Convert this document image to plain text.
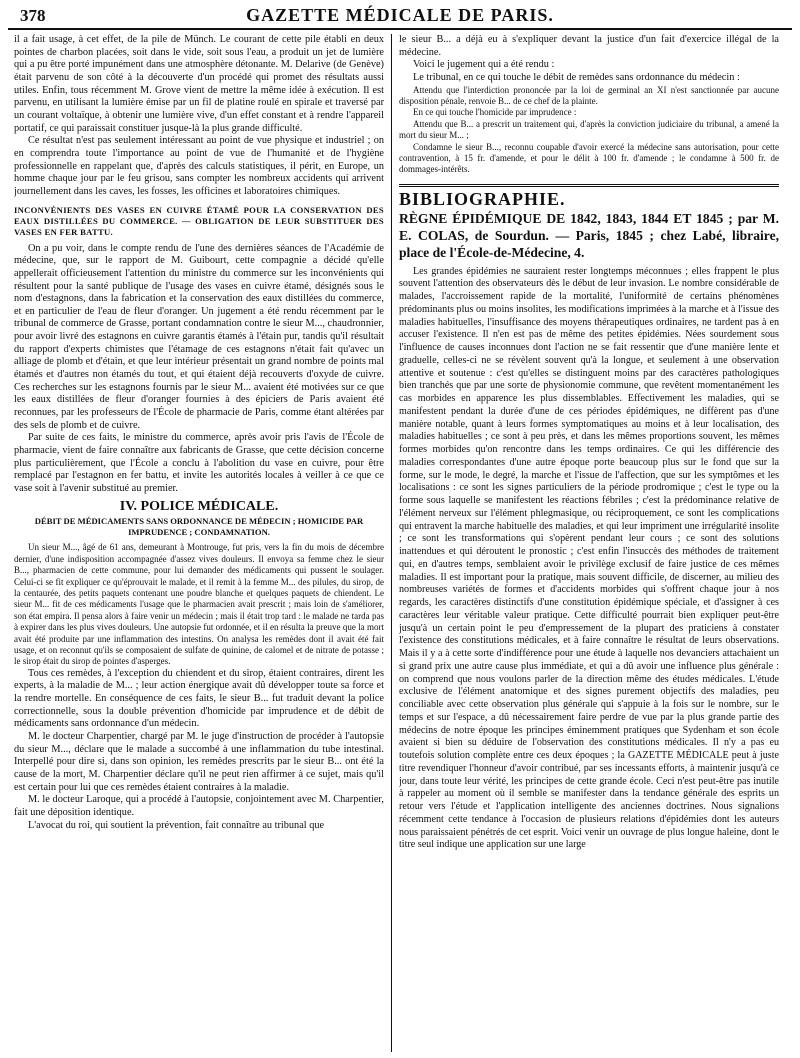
378	GAZETTE MÉDICALE DE PARIS.

il a fait usage, à cet effet, de la pile de Münch. Le courant de cette pile établi en deux pointes de charbon placées, soit dans le vide, soit sous l'eau, a produit un jet de lumière qui a pu être porté impunément dans une atmosphère détonante. M. Delarive (de Genève) était parvenu de son côté à la découverte d'un procédé qui promet des résultats aussi utiles. Enfin, tous récemment M. Grove vient de mettre la même idée à exécution. Il est parvenu, en utilisant la lumière émise par un fil de platine roulé en spirale et traversé par un courant voltaïque, à obtenir une lumière vive, d'un effet constant et à rendre l'appareil portatif, ce qui paraissait constituer jusque-là la plus grande difficulté.

Ce résultat n'est pas seulement intéressant au point de vue physique et industriel ; on en comprendra toute l'importance au point de vue de l'humanité et de l'hygiène professionnelle en rappelant que, d'après des calculs statistiques, il périt, en Europe, un homme chaque jour par le feu grisou, sans compter les nombreux accidents qui arrivent journellement dans les caves, les fosses, les officines et laboratoires chimiques.

INCONVÉNIENTS DES VASES EN CUIVRE ÉTAMÉ POUR LA CONSERVATION DES EAUX DISTILLÉES DU COMMERCE. — OBLIGATION DE LEUR SUBSTITUER DES VASES EN FER BATTU.

On a pu voir, dans le compte rendu de l'une des dernières séances de l'Académie de médecine, que, sur le rapport de M. Guibourt, cette compagnie a décidé qu'elle appellerait officieusement l'attention du ministre du commerce sur les inconvénients qui résultent pour la santé publique de l'usage des vases en cuivre étamé, désignés sous le nom d'estagnons, dans la fabrication et la conservation des eaux distillées du commerce, et en particulier de l'eau de fleur d'oranger. Un jugement a été rendu récemment par le tribunal de commerce de Grasse, portant condamnation contre le sieur M..., chaudronnier, pour avoir livré des estagnons en cuivre garantis étamés à l'étain pur, tandis qu'il résultait du rapport d'experts chimistes que l'étamage de ces estagnons n'était fait qu'avec un alliage de plomb et d'étain, et que leur intérieur présentait un grand nombre de points mal étamés et d'autres non étamés du tout, et qui étaient déjà recouverts d'oxyde de cuivre. Ces recherches sur les estagnons fournis par le sieur M... avaient été motivées sur ce que les eaux distillées de fleur d'oranger fournies à des épiciers de Paris avaient été reconnues, par les professeurs de l'École de pharmacie de Paris, comme étant altérées par des sels de plomb et de cuivre.

Par suite de ces faits, le ministre du commerce, après avoir pris l'avis de l'École de pharmacie, vient de faire connaître aux fabricants de Grasse, que cette décision concerne plus particulièrement, que l'École a conclu à l'abolition du vase en cuivre, pour être remplacé par l'estagnon en fer battu, et invite les autorités locales à veiller à ce que ce vase soit à l'avenir substitué au premier.

IV. POLICE MÉDICALE.
DÉBIT DE MÉDICAMENTS SANS ORDONNANCE DE MÉDECIN ; HOMICIDE PAR IMPRUDENCE ; CONDAMNATION.

Un sieur M..., âgé de 61 ans, demeurant à Montrouge, fut pris, vers la fin du mois de décembre dernier, d'une indisposition accompagnée d'assez vives douleurs. Il envoya sa femme chez le sieur B..., pharmacien de cette commune, pour lui demander des médicaments qui pussent le soulager. Celui-ci se fit expliquer ce qu'éprouvait le malade, et il remit à la femme M... des pilules, du sirop, de la centaurée, des petits paquets contenant une poudre blanche et quelques paquets de chiendent. Le sieur M... fit de ces médicaments l'usage que le pharmacien avait prescrit ; mais loin de s'améliorer, son état empira. Il pensa alors à faire venir un médecin ; mais il était trop tard : le malade ne tarda pas à expirer dans les plus vives douleurs. Une autopsie fut ordonnée, et il en résulta la preuve que la mort avait été produite par une inflammation des intestins. On analysa les remèdes dont il avait été fait usage, et on reconnut qu'ils se composaient de sulfate de quinine, de calomel et de nitrate de potasse ; le sirop était du sirop de pointes d'asperges.

Tous ces remèdes, à l'exception du chiendent et du sirop, étaient contraires, dirent les experts, à la maladie de M... ; leur action énergique avait dû développer toute sa force et la rendre mortelle. En conséquence de ces faits, le sieur B... fut traduit devant la police correctionnelle, sous la double prévention d'homicide par imprudence et de débit de médicaments sans ordonnance d'un médecin.

M. le docteur Charpentier, chargé par M. le juge d'instruction de procéder à l'autopsie du sieur M..., déclare que le malade a succombé à une inflammation du tube intestinal. Interpellé pour dire si, dans son opinion, les remèdes prescrits par le sieur B... ont été la cause de la mort, M. Charpentier déclare qu'il ne peut rien affirmer à ce sujet, mais qu'il est certain pour lui que ces remèdes étaient contraires à la maladie.

M. le docteur Laroque, qui a procédé à l'autopsie, conjointement avec M. Charpentier, fait une déposition identique.

L'avocat du roi, qui soutient la prévention, fait connaître au tribunal que

le sieur B... a déjà eu à s'expliquer devant la justice d'un fait d'exercice illégal de la médecine.

Voici le jugement qui a été rendu :

Le tribunal, en ce qui touche le débit de remèdes sans ordonnance du médecin :

Attendu que l'interdiction prononcée par la loi de germinal an XI n'est sanctionnée par aucune disposition pénale, renvoie B... de ce chef de la plainte.

En ce qui touche l'homicide par imprudence :

Attendu que B... a prescrit un traitement qui, d'après la conviction judiciaire du tribunal, a amené la mort du sieur M... ;

Condamne le sieur B..., reconnu coupable d'avoir exercé la médecine sans autorisation, pour cette contravention, à 15 fr. d'amende, et pour le délit à 100 fr. d'amende ; le condamne à 500 fr. de dommages-intérêts.

BIBLIOGRAPHIE.

RÈGNE ÉPIDÉMIQUE DE 1842, 1843, 1844 ET 1845 ; par M. E. COLAS, de Sourdun. — Paris, 1845 ; chez Labé, libraire, place de l'École-de-Médecine, 4.

Les grandes épidémies ne sauraient rester longtemps méconnues ; elles frappent le plus souvent l'attention des observateurs dès le début de leur invasion. Le nombre considérable de malades, l'accroissement rapide de la mortalité, l'uniformité de certains phénomènes prédominants plus ou moins insolites, les modifications imprimées à la marche et à l'issue des maladies habituelles, l'insuffisance des moyens thérapeutiques ordinaires, ne tardent pas à en accuser l'existence. Il n'en est pas de même des petites épidémies. Nées sourdement sous l'influence de causes inconnues dont l'action ne se fait ressentir que d'une manière lente et graduelle, celles-ci ne se révèlent souvent qu'à la longue, et seulement à une observation attentive et soutenue : c'est qu'elles se distinguent moins par des caractères pathologiques bien tranchés que par une sorte de physionomie commune, que revêtent momentanément les cas morbides en apparence les plus dissemblables. Effectivement les maladies, qui se manifestent pendant la durée d'une de ces périodes épidémiques, ne diffèrent pas d'une manière notable, quant à leurs formes symptomatiques au moins et à leur localisation, des maladies habituelles ; ce sont à peu près, et dans les mêmes proportions souvent, les mêmes formes morbides qu'on rencontre dans les temps ordinaires. Ce qui les différencie des maladies correspondantes d'une autre époque porte beaucoup plus sur le fond que sur la forme, sur le mode, le degré, la marche et l'issue de l'affection, que sur les symptômes et les localisations : ce sont les signes particuliers de la période prodromique ; c'est le type ou la forme sous laquelle se manifestent les réactions fébriles ; c'est la prédominance relative de l'élément nerveux sur l'élément phlegmasique, ou réciproquement, ce sont les complications qui entravent la marche habituelle des maladies, et qui leur impriment une irrégularité insolite ; ce sont les transformations qui s'opèrent pendant leur cours ; ce sont des solutions inattendues et qui déroutent le pronostic ; c'est enfin l'insuccès des méthodes de traitement qui, en d'autres temps, semblaient avoir le privilège exclusif de faire justice de ces mêmes maladies. Il est important pour la pratique, mais souvent difficile, de discerner, au milieu des nombreuses variétés de formes et d'accidents morbides qui s'offrent chaque jour à nos regards, les caractères distinctifs d'une constitution épidémique spéciale, et d'assigner à ces caractères leur véritable valeur pratique. Cette difficulté pourrait bien expliquer peut-être jusqu'à un certain point le peu d'empressement de la plupart des praticiens à constater l'existence des constitutions médicales, et à faire connaître le résultat de leurs observations. Mais il y a à cette sorte d'indifférence pour une étude à laquelle nos devanciers attachaient un si grand prix une autre cause plus immédiate, et qui a dû avoir une influence plus générale : on comprend que nous voulons parler de la direction même des études médicales. L'étude exclusive de l'élément anatomique et des signes purement objectifs des maladies, peu conciliable avec cette observation plus générale qui s'appuie à la fois sur le nombre, sur le temps et sur l'espace, a dû nécessairement faire perdre de vue par la plus grande partie des médecins de notre époque les principes éminemment pratiques que Sydenham et son école avaient si bien su déduire de l'observation des constitutions médicales. Il n'y a pas eu toutefois solution complète entre ces deux époques ; la GAZETTE MÉDICALE peut à juste titre revendiquer l'honneur d'avoir contribué, par ses incessants efforts, à maintenir jusqu'à ce jour, dans toute leur vérité, les principes de cette grande école. Ceci n'est peut-être pas inutile à rappeler au moment où il semble se manifester dans la tendance générale des esprits un retour vers l'étude et l'application intelligente des anciennes doctrines. Nous signalions récemment cette tendance à l'occasion de plusieurs relations d'épidémies dont les auteurs nous paraissaient pénétrés de cet esprit. Voici venir un ouvrage de plus longue haleine, dont le titre seul indique une application sur une large
